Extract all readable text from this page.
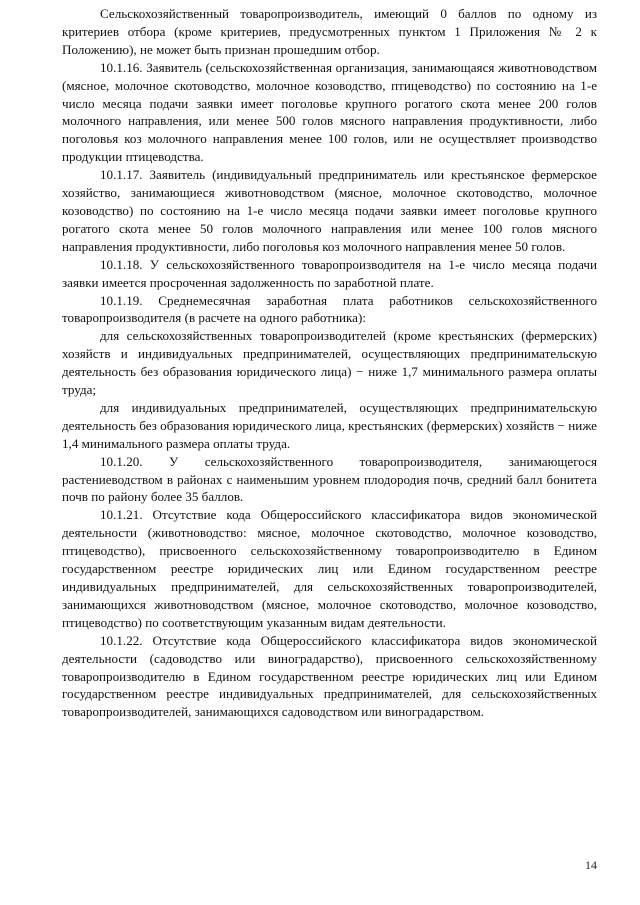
Сельскохозяйственный товаропроизводитель, имеющий 0 баллов по одному из критериев отбора (кроме критериев, предусмотренных пунктом 1 Приложения № 2 к Положению), не может быть признан прошедшим отбор.

10.1.16. Заявитель (сельскохозяйственная организация, занимающаяся животноводством (мясное, молочное скотоводство, молочное козоводство, птицеводство) по состоянию на 1-е число месяца подачи заявки имеет поголовье крупного рогатого скота менее 200 голов молочного направления, или менее 500 голов мясного направления продуктивности, либо поголовья коз молочного направления менее 100 голов, или не осуществляет производство продукции птицеводства.

10.1.17. Заявитель (индивидуальный предприниматель или крестьянское фермерское хозяйство, занимающиеся животноводством (мясное, молочное скотоводство, молочное козоводство) по состоянию на 1-е число месяца подачи заявки имеет поголовье крупного рогатого скота менее 50 голов молочного направления или менее 100 голов мясного направления продуктивности, либо поголовья коз молочного направления менее 50 голов.

10.1.18. У сельскохозяйственного товаропроизводителя на 1-е число месяца подачи заявки имеется просроченная задолженность по заработной плате.

10.1.19. Среднемесячная заработная плата работников сельскохозяйственного товаропроизводителя (в расчете на одного работника):

для сельскохозяйственных товаропроизводителей (кроме крестьянских (фермерских) хозяйств и индивидуальных предпринимателей, осуществляющих предпринимательскую деятельность без образования юридического лица) − ниже 1,7 минимального размера оплаты труда;

для индивидуальных предпринимателей, осуществляющих предпринимательскую деятельность без образования юридического лица, крестьянских (фермерских) хозяйств − ниже 1,4 минимального размера оплаты труда.

10.1.20. У сельскохозяйственного товаропроизводителя, занимающегося растениеводством в районах с наименьшим уровнем плодородия почв, средний балл бонитета почв по району более 35 баллов.

10.1.21. Отсутствие кода Общероссийского классификатора видов экономической деятельности (животноводство: мясное, молочное скотоводство, молочное козоводство, птицеводство), присвоенного сельскохозяйственному товаропроизводителю в Едином государственном реестре юридических лиц или Едином государственном реестре индивидуальных предпринимателей, для сельскохозяйственных товаропроизводителей, занимающихся животноводством (мясное, молочное скотоводство, молочное козоводство, птицеводство) по соответствующим указанным видам деятельности.

10.1.22. Отсутствие кода Общероссийского классификатора видов экономической деятельности (садоводство или виноградарство), присвоенного сельскохозяйственному товаропроизводителю в Едином государственном реестре юридических лиц или Едином государственном реестре индивидуальных предпринимателей, для сельскохозяйственных товаропроизводителей, занимающихся садоводством или виноградарством.

14
